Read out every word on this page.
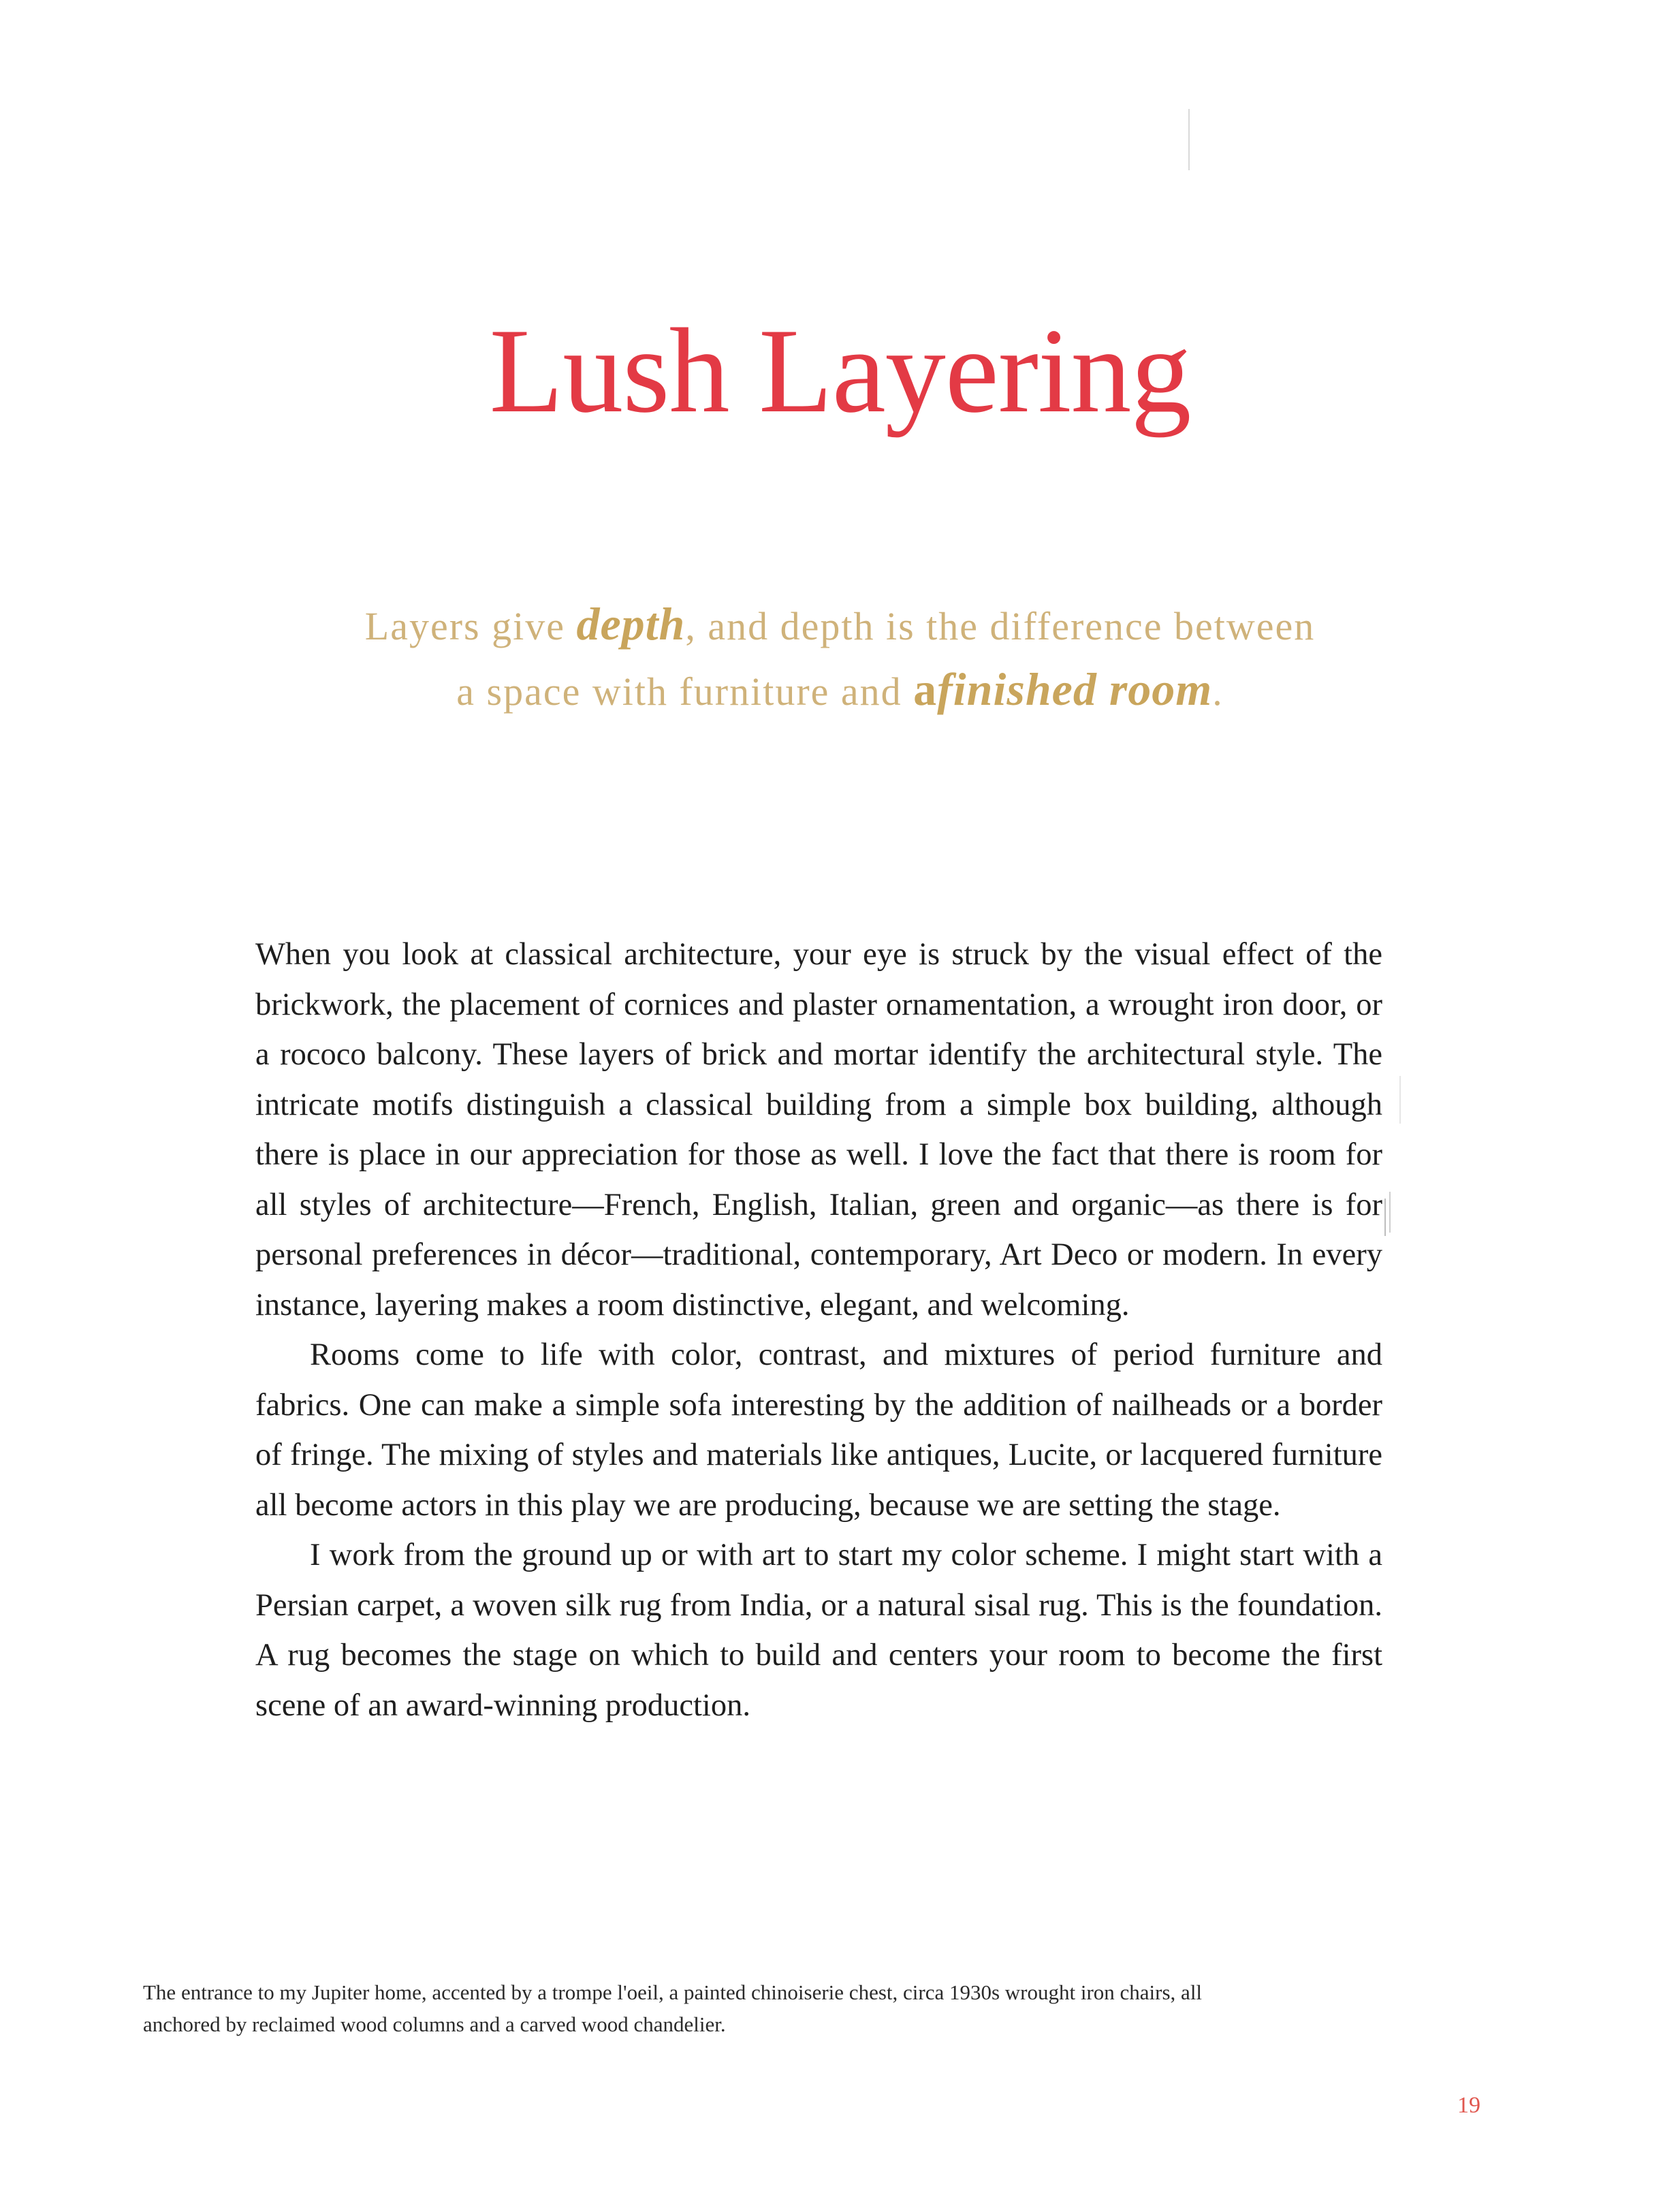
Lush Layering
Layers give depth, and depth is the difference between
a space with furniture and afinished room.

When you look at classical architecture, your eye is struck by the visual effect of the brickwork, the placement of cornices and plaster ornamentation, a wrought iron door, or a rococo balcony. These layers of brick and mortar identify the architectural style. The intricate motifs distinguish a classical building from a simple box building, although there is place in our appreciation for those as well. I love the fact that there is room for all styles of architecture—French, English, Italian, green and organic—as there is for personal preferences in décor—traditional, contemporary, Art Deco or modern. In every instance, layering makes a room distinctive, elegant, and welcoming.

Rooms come to life with color, contrast, and mixtures of period furniture and fabrics. One can make a simple sofa interesting by the addition of nailheads or a border of fringe. The mixing of styles and materials like antiques, Lucite, or lacquered furniture all become actors in this play we are producing, because we are setting the stage.

I work from the ground up or with art to start my color scheme. I might start with a Persian carpet, a woven silk rug from India, or a natural sisal rug. This is the foundation. A rug becomes the stage on which to build and centers your room to become the first scene of an award-winning production.

The entrance to my Jupiter home, accented by a trompe l'oeil, a painted chinoiserie chest, circa 1930s wrought iron chairs, all anchored by reclaimed wood columns and a carved wood chandelier.

19
